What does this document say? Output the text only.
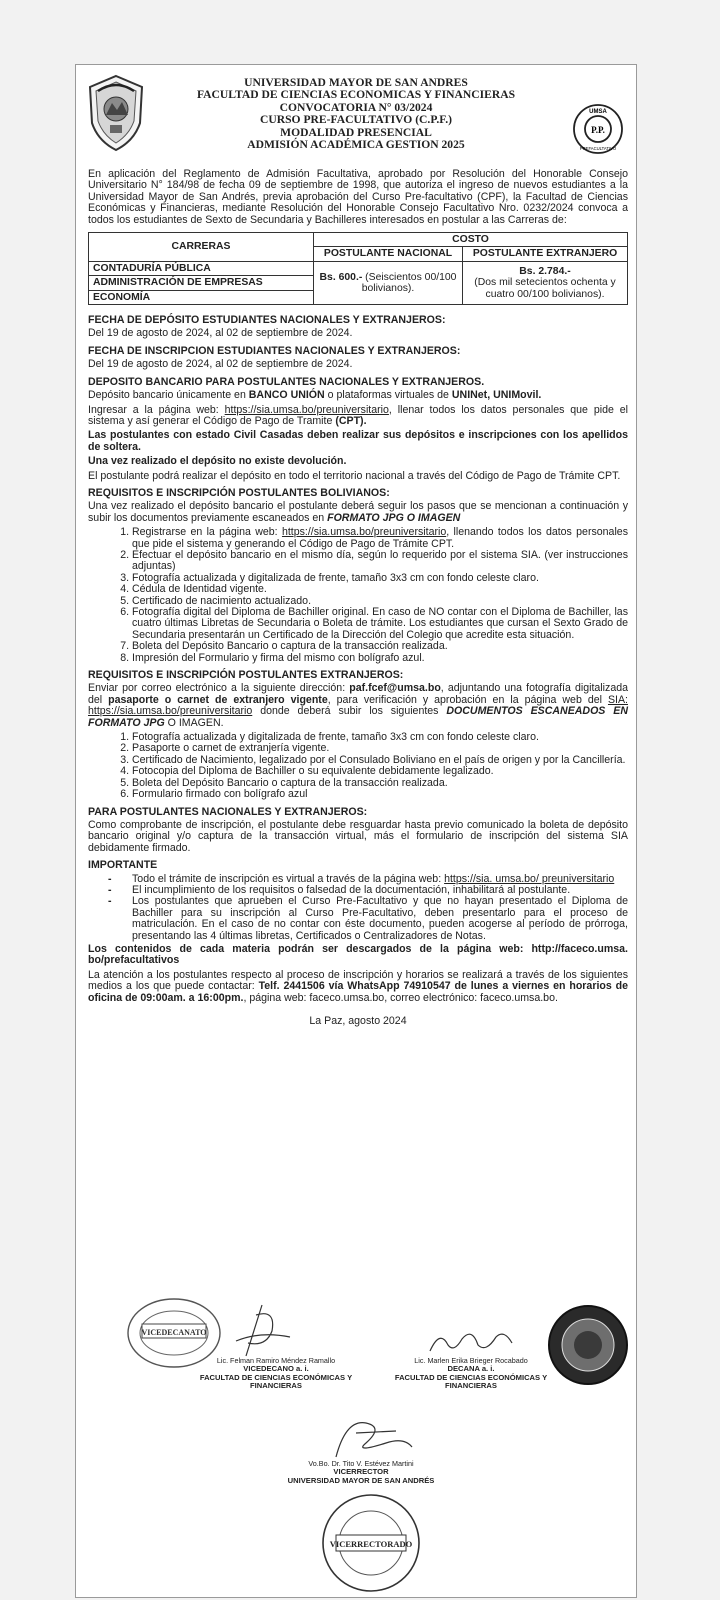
UNIVERSIDAD MAYOR DE SAN ANDRES
FACULTAD DE CIENCIAS ECONOMICAS Y FINANCIERAS
CONVOCATORIA N° 03/2024
CURSO PRE-FACULTATIVO (C.P.F.)
MODALIDAD PRESENCIAL
ADMISIÓN ACADÉMICA GESTION 2025
UMSA
P.P.
PREFACULTATIVO

En aplicación del Reglamento de Admisión Facultativa, aprobado por Resolución del Honorable Consejo Universitario N° 184/98 de fecha 09 de septiembre de 1998, que autoriza el ingreso de nuevos estudiantes a la Universidad Mayor de San Andrés, previa aprobación del Curso Pre-facultativo (CPF), la Facultad de Ciencias Económicas y Financieras, mediante Resolución del Honorable Consejo Facultativo Nro. 0232/2024 convoca a todos los estudiantes de Sexto de Secundaria y Bachilleres interesados en postular a las Carreras de:

CARRERAS	COSTO	
	POSTULANTE NACIONAL	POSTULANTE EXTRANJERO
CONTADURÍA PÚBLICA	Bs. 600.- (Seiscientos 00/100 bolivianos).	Bs. 2.784.-
(Dos mil setecientos ochenta y cuatro 00/100 bolivianos).

ADMINISTRACIÓN DE EMPRESAS		
ECONOMÍA		
FECHA DE DEPÓSITO ESTUDIANTES NACIONALES Y EXTRANJEROS:

Del 19 de agosto de 2024, al 02 de septiembre de 2024.

FECHA DE INSCRIPCION ESTUDIANTES NACIONALES Y EXTRANJEROS:

Del 19 de agosto de 2024, al 02 de septiembre de 2024.

DEPOSITO BANCARIO PARA POSTULANTES NACIONALES Y EXTRANJEROS.

Depósito bancario únicamente en BANCO UNIÓN o plataformas virtuales de UNINet, UNIMovil.

Ingresar a la página web: https://sia.umsa.bo/preuniversitario, llenar todos los datos personales que pide el sistema y así generar el Código de Pago de Tramite (CPT).

Las postulantes con estado Civil Casadas deben realizar sus depósitos e inscripciones con los apellidos de soltera.

Una vez realizado el depósito no existe devolución.

El postulante podrá realizar el depósito en todo el territorio nacional a través del Código de Pago de Trámite CPT.

REQUISITOS E INSCRIPCIÓN POSTULANTES BOLIVIANOS:

Una vez realizado el depósito bancario el postulante deberá seguir los pasos que se mencionan a continuación y subir los documentos previamente escaneados en FORMATO JPG O IMAGEN

1. Registrarse en la página web: https://sia.umsa.bo/preuniversitario, llenando todos los datos personales que pide el sistema y generando el Código de Pago de Trámite CPT.
2. Efectuar el depósito bancario en el mismo día, según lo requerido por el sistema SIA. (ver instrucciones adjuntas)
3. Fotografía actualizada y digitalizada de frente, tamaño 3x3 cm con fondo celeste claro.
4. Cédula de Identidad vigente.
5. Certificado de nacimiento actualizado.
6. Fotografía digital del Diploma de Bachiller original. En caso de NO contar con el Diploma de Bachiller, las cuatro últimas Libretas de Secundaria o Boleta de trámite. Los estudiantes que cursan el Sexto Grado de Secundaria presentarán un Certificado de la Dirección del Colegio que acredite esta situación.
7. Boleta del Depósito Bancario o captura de la transacción realizada.
8. Impresión del Formulario y firma del mismo con bolígrafo azul.
REQUISITOS E INSCRIPCIÓN POSTULANTES EXTRANJEROS:

Enviar por correo electrónico a la siguiente dirección: paf.fcef@umsa.bo, adjuntando una fotografía digitalizada del pasaporte o carnet de extranjero vigente, para verificación y aprobación en la página web del SIA: https://sia.umsa.bo/preuniversitario donde deberá subir los siguientes DOCUMENTOS ESCANEADOS EN FORMATO JPG O IMAGEN.

1. Fotografía actualizada y digitalizada de frente, tamaño 3x3 cm con fondo celeste claro.
2. Pasaporte o carnet de extranjería vigente.
3. Certificado de Nacimiento, legalizado por el Consulado Boliviano en el país de origen y por la Cancillería.
4. Fotocopia del Diploma de Bachiller o su equivalente debidamente legalizado.
5. Boleta del Depósito Bancario o captura de la transacción realizada.
6. Formulario firmado con bolígrafo azul
PARA POSTULANTES NACIONALES Y EXTRANJEROS:

Como comprobante de inscripción, el postulante debe resguardar hasta previo comunicado la boleta de depósito bancario original y/o captura de la transacción virtual, más el formulario de inscripción del sistema SIA debidamente firmado.

IMPORTANTE
- Todo el trámite de inscripción es virtual a través de la página web: https://sia. umsa.bo/ preuniversitario
- El incumplimiento de los requisitos o falsedad de la documentación, inhabilitará al postulante.
- Los postulantes que aprueben el Curso Pre-Facultativo y que no hayan presentado el Diploma de Bachiller para su inscripción al Curso Pre-Facultativo, deben presentarlo para el proceso de matriculación. En el caso de no contar con éste documento, pueden acogerse al período de prórroga, presentando las 4 últimas libretas, Certificados o Centralizadores de Notas.

Los contenidos de cada materia podrán ser descargados de la página web: http://faceco.umsa. bo/prefacultativos

La atención a los postulantes respecto al proceso de inscripción y horarios se realizará a través de los siguientes medios a los que puede contactar: Telf. 2441506 vía WhatsApp 74910547 de lunes a viernes en horarios de oficina de 09:00am. a 16:00pm., página web: faceco.umsa.bo, correo electrónico: faceco.umsa.bo.

La Paz, agosto 2024
VICEDECANATO
Lic. Felman Ramiro Méndez Ramallo
VICEDECANO a. i.
FACULTAD DE CIENCIAS ECONÓMICAS Y FINANCIERAS
Lic. Marlen Erika Brieger Rocabado
DECANA a. i.
FACULTAD DE CIENCIAS ECONÓMICAS Y FINANCIERAS
Vo.Bo. Dr. Tito V. Estévez Martini
VICERRECTOR
UNIVERSIDAD MAYOR DE SAN ANDRÉS
VICERRECTORADO
